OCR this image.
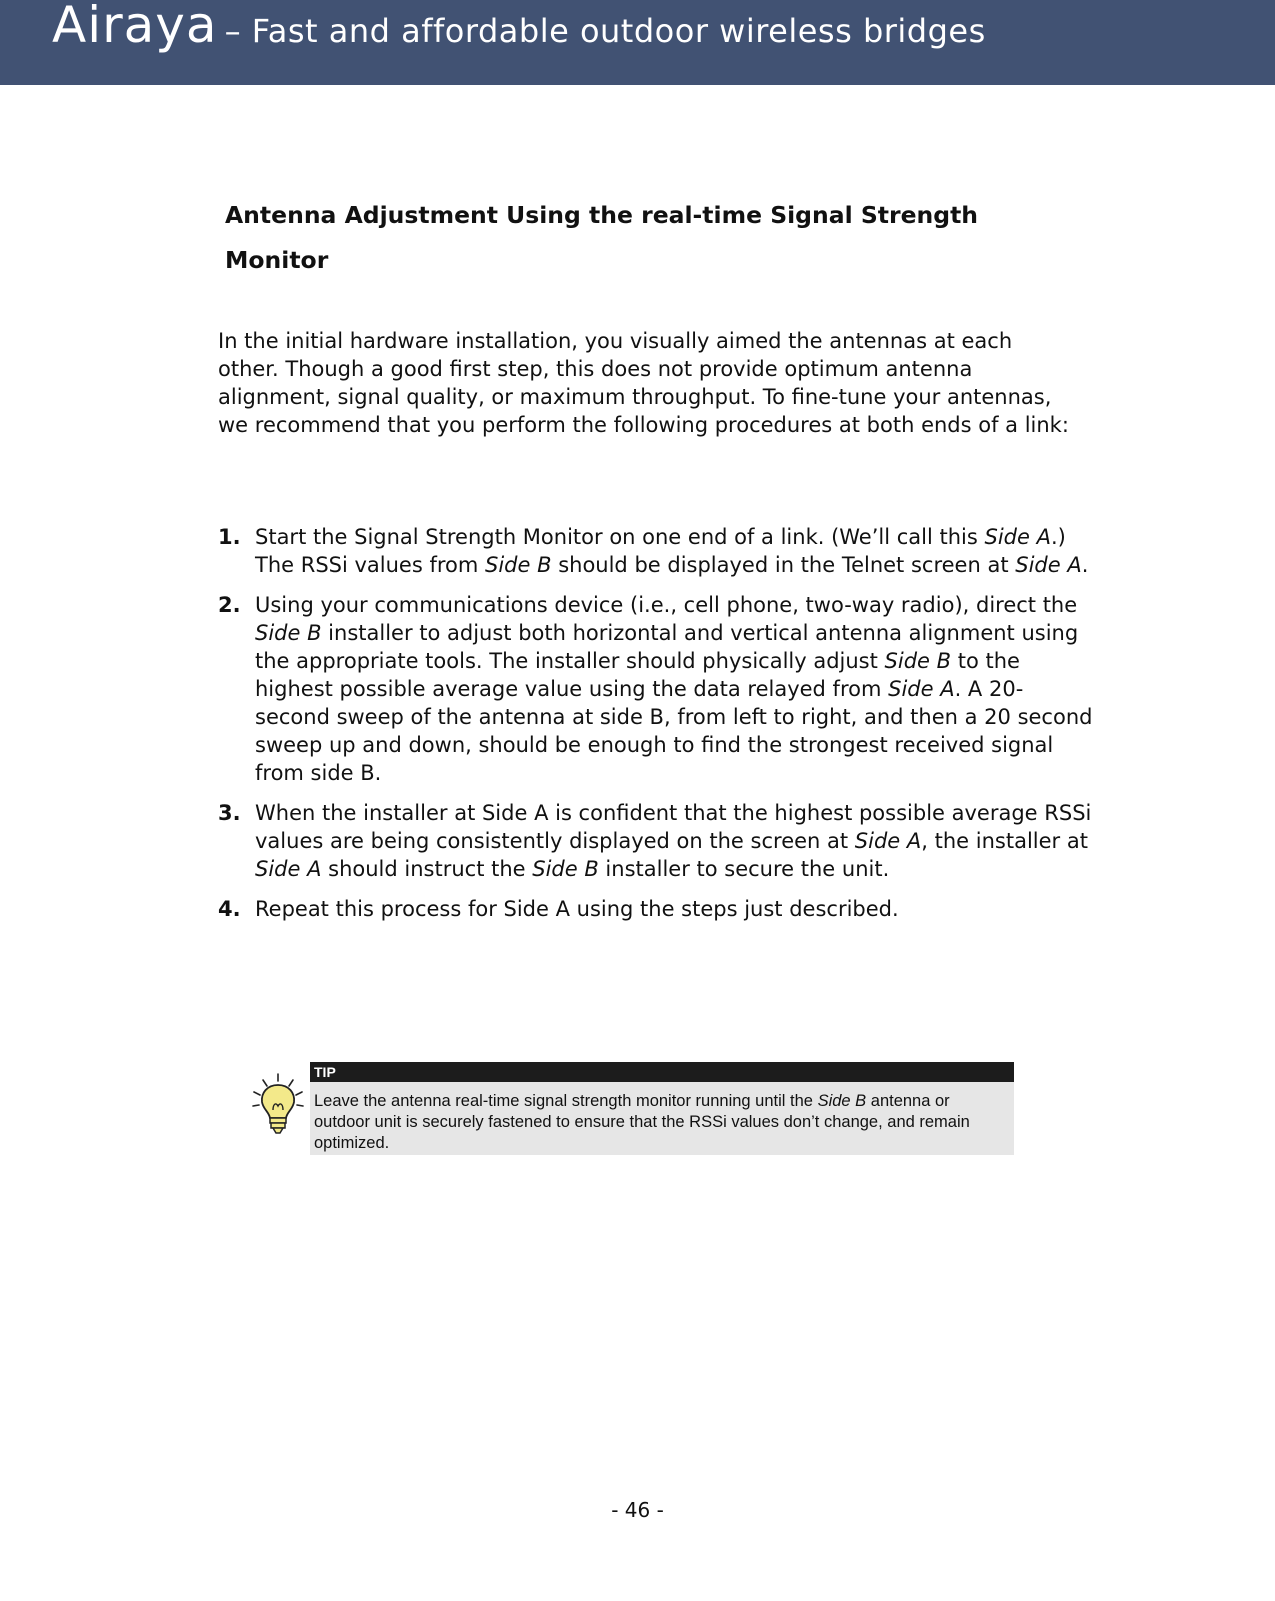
Airaya – Fast and affordable outdoor wireless bridges
Antenna Adjustment Using the real-time Signal Strength Monitor

In the initial hardware installation, you visually aimed the antennas at each other. Though a good first step, this does not provide optimum antenna alignment, signal quality, or maximum throughput. To fine-tune your antennas, we recommend that you perform the following procedures at both ends of a link:

1. Start the Signal Strength Monitor on one end of a link. (We’ll call this Side A.) The RSSi values from Side B should be displayed in the Telnet screen at Side A.
2. Using your communications device (i.e., cell phone, two-way radio), direct the Side B installer to adjust both horizontal and vertical antenna alignment using the appropriate tools. The installer should physically adjust Side B to the highest possible average value using the data relayed from Side A. A 20-second sweep of the antenna at side B, from left to right, and then a 20 second sweep up and down, should be enough to find the strongest received signal from side B.
3. When the installer at Side A is confident that the highest possible average RSSi values are being consistently displayed on the screen at Side A, the installer at Side A should instruct the Side B installer to secure the unit.
4. Repeat this process for Side A using the steps just described.
TIP

Leave the antenna real-time signal strength monitor running until the Side B antenna or outdoor unit is securely fastened to ensure that the RSSi values don’t change, and remain optimized.

- 46 -
